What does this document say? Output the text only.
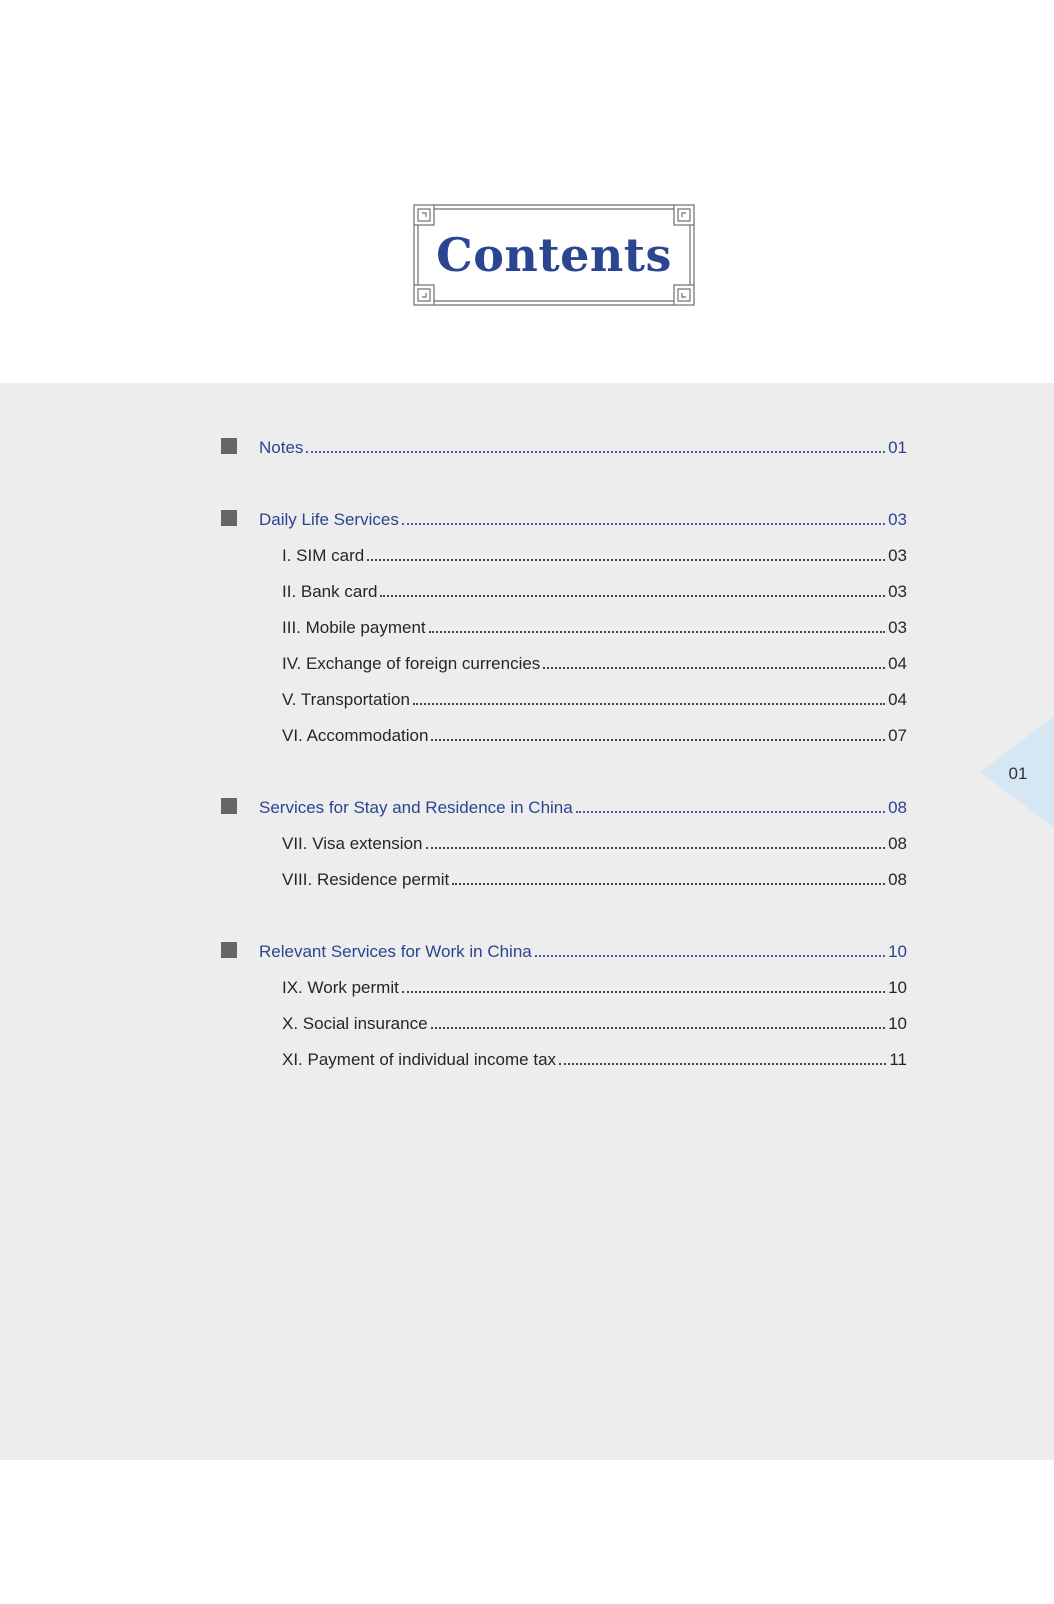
Contents
01
Notes	01
Daily Life Services	03
I. SIM card	03
II. Bank card	03
III. Mobile payment	03
IV. Exchange of foreign currencies	04
V. Transportation	04
VI. Accommodation	07
Services for Stay and Residence in China	08
VII. Visa extension	08
VIII. Residence permit	08
Relevant Services for Work in China	10
IX. Work permit	10
X. Social insurance	10
XI. Payment of individual income tax	11
